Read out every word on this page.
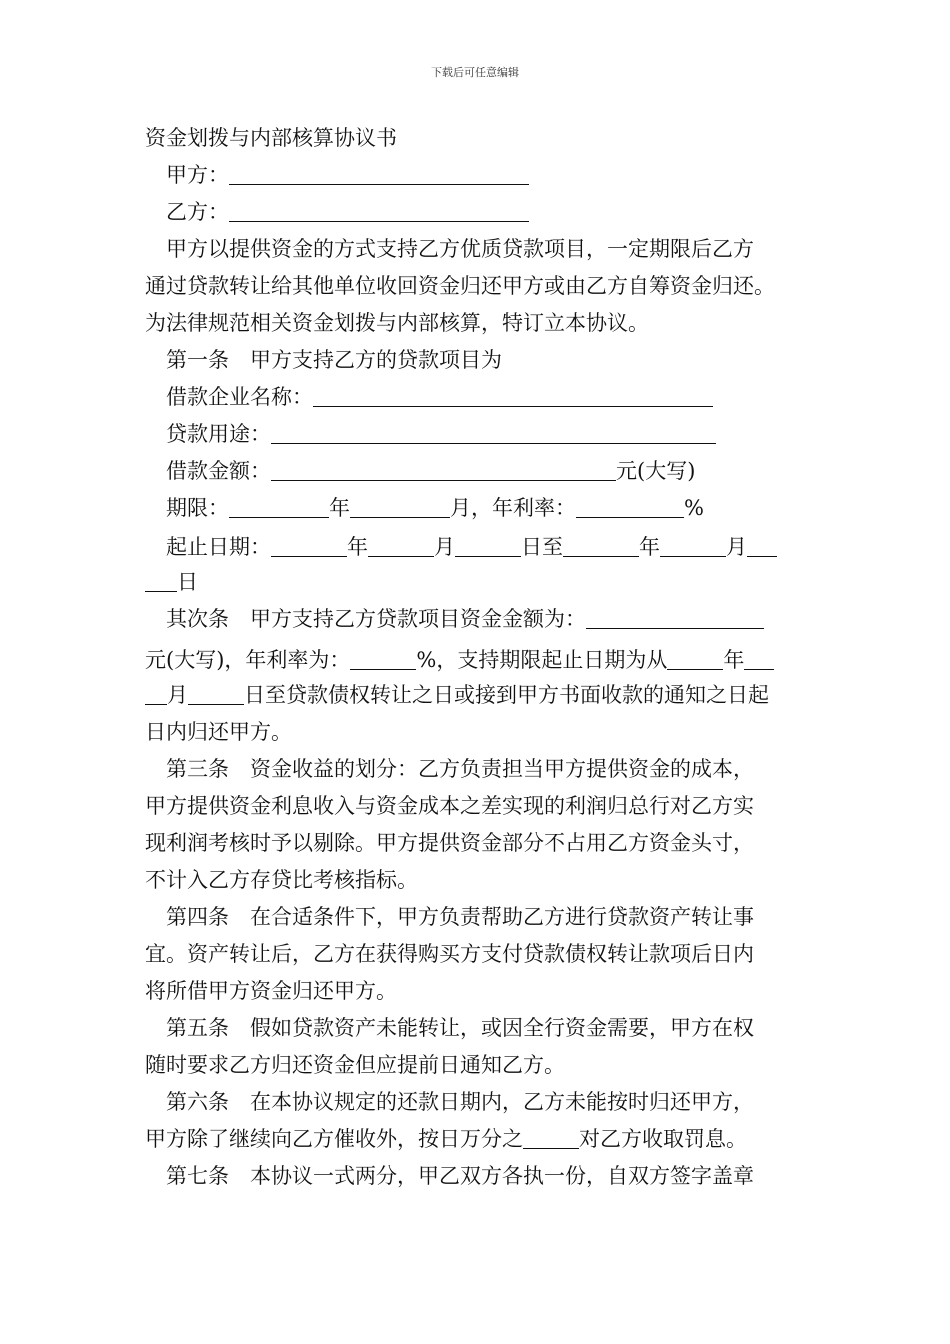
下载后可任意编辑
资金划拨与内部核算协议书
甲方：
乙方：
甲方以提供资金的方式支持乙方优质贷款项目，一定期限后乙方
通过贷款转让给其他单位收回资金归还甲方或由乙方自筹资金归还。
为法律规范相关资金划拨与内部核算，特订立本协议。
第一条　甲方支持乙方的贷款项目为
借款企业名称：
贷款用途：
借款金额：	元(大写)
期限：	年	月，年利率：	%
起止日期：	年	月	日至	年	月
日
其次条　甲方支持乙方贷款项目资金金额为：
元(大写)，年利率为：	%，支持期限起止日期为从	年
月	日至贷款债权转让之日或接到甲方书面收款的通知之日起
日内归还甲方。
第三条　资金收益的划分：乙方负责担当甲方提供资金的成本，
甲方提供资金利息收入与资金成本之差实现的利润归总行对乙方实
现利润考核时予以剔除。甲方提供资金部分不占用乙方资金头寸，
不计入乙方存贷比考核指标。
第四条　在合适条件下，甲方负责帮助乙方进行贷款资产转让事
宜。资产转让后，乙方在获得购买方支付贷款债权转让款项后日内
将所借甲方资金归还甲方。
第五条　假如贷款资产未能转让，或因全行资金需要，甲方在权
随时要求乙方归还资金但应提前日通知乙方。
第六条　在本协议规定的还款日期内，乙方未能按时归还甲方，
甲方除了继续向乙方催收外，按日万分之	对乙方收取罚息。
第七条　本协议一式两分，甲乙双方各执一份，自双方签字盖章
